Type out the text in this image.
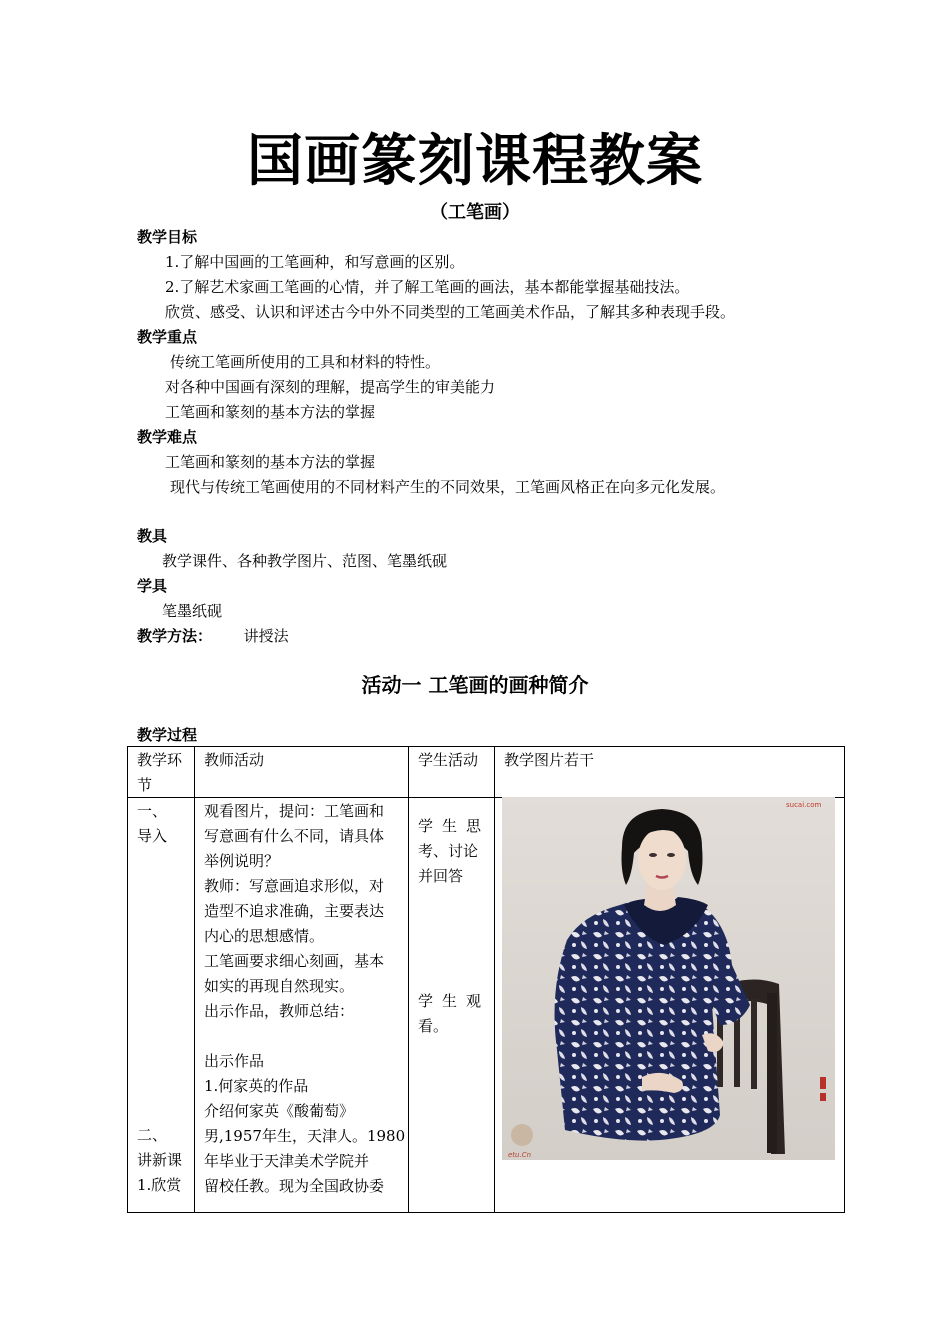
国画篆刻课程教案
（工笔画）
教学目标
1.了解中国画的工笔画种，和写意画的区别。
2.了解艺术家画工笔画的心情，并了解工笔画的画法，基本都能掌握基础技法。
欣赏、感受、认识和评述古今中外不同类型的工笔画美术作品，了解其多种表现手段。
教学重点
传统工笔画所使用的工具和材料的特性。
对各种中国画有深刻的理解，提高学生的审美能力
工笔画和篆刻的基本方法的掌握
教学难点
工笔画和篆刻的基本方法的掌握
现代与传统工笔画使用的不同材料产生的不同效果，工笔画风格正在向多元化发展。
教具
教学课件、各种教学图片、范图、笔墨纸砚
学具
笔墨纸砚
教学方法： 讲授法
活动一 工笔画的画种简介
教学过程
教学环节
教师活动	学生活动 教学图片若干

一、

导入

二、

讲新课

1.欣赏

观看图片，提问：工笔画和

写意画有什么不同，请具体

举例说明？

教师：写意画追求形似，对

造型不追求准确，主要表达

内心的思想感情。

工笔画要求细心刻画，基本

如实的再现自然现实。

出示作品，教师总结：

出示作品

1.何家英的作品

介绍何家英《酸葡萄》

男,1957年生，天津人。1980

年毕业于天津美术学院并

留校任教。现为全国政协委

学生思

考、讨论

并回答

学生观

看。

sucai.com
etu.Cn
